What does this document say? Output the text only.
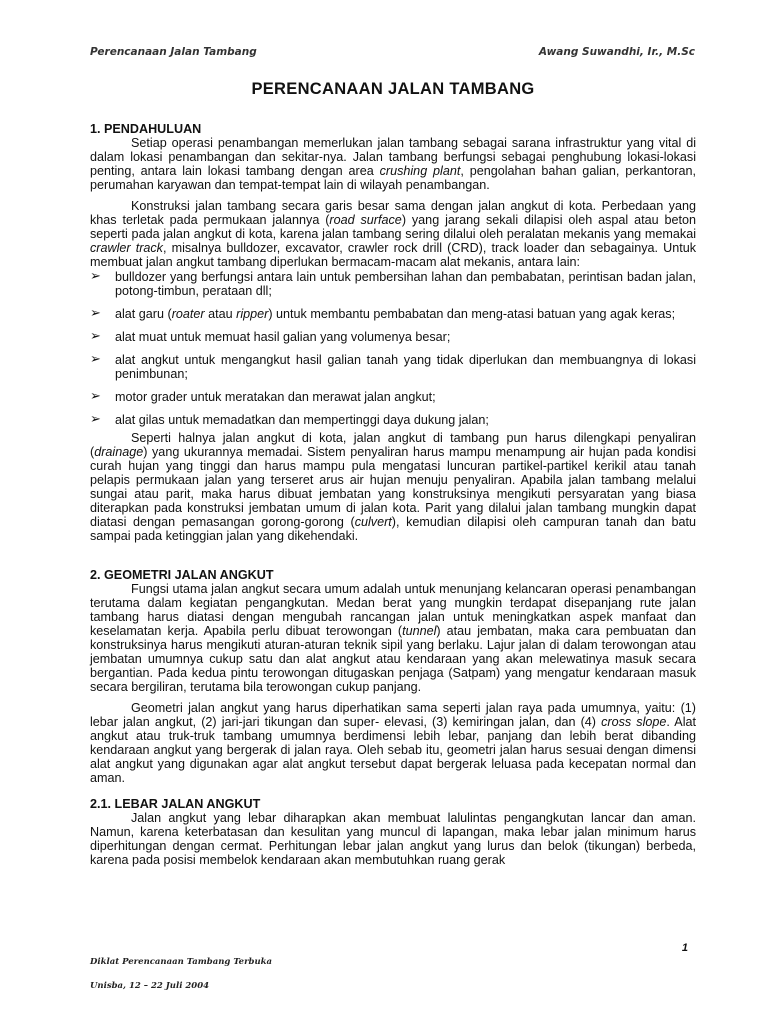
Perencanaan Jalan Tambang	Awang Suwandhi, Ir., M.Sc
PERENCANAAN JALAN TAMBANG
1. PENDAHULUAN

Setiap operasi penambangan memerlukan jalan tambang sebagai sarana infrastruktur yang vital di dalam lokasi penambangan dan sekitar-nya. Jalan tambang berfungsi sebagai penghubung lokasi-lokasi penting, antara lain lokasi tambang dengan area crushing plant, pengolahan bahan galian, perkantoran, perumahan karyawan dan tempat-tempat lain di wilayah penambangan.

Konstruksi jalan tambang secara garis besar sama dengan jalan angkut di kota. Perbedaan yang khas terletak pada permukaan jalannya (road surface) yang jarang sekali dilapisi oleh aspal atau beton seperti pada jalan angkut di kota, karena jalan tambang sering dilalui oleh peralatan mekanis yang memakai crawler track, misalnya bulldozer, excavator, crawler rock drill (CRD), track loader dan sebagainya. Untuk membuat jalan angkut tambang diperlukan bermacam-macam alat mekanis, antara lain:

➢ bulldozer yang berfungsi antara lain untuk pembersihan lahan dan pembabatan, perintisan badan jalan, potong-timbun, perataan dll;
➢ alat garu (roater atau ripper) untuk membantu pembabatan dan meng-atasi batuan yang agak keras;
➢ alat muat untuk memuat hasil galian yang volumenya besar;
➢ alat angkut untuk mengangkut hasil galian tanah yang tidak diperlukan dan membuangnya di lokasi penimbunan;
➢ motor grader untuk meratakan dan merawat jalan angkut;
➢ alat gilas untuk memadatkan dan mempertinggi daya dukung jalan;

Seperti halnya jalan angkut di kota, jalan angkut di tambang pun harus dilengkapi penyaliran (drainage) yang ukurannya memadai. Sistem penyaliran harus mampu menampung air hujan pada kondisi curah hujan yang tinggi dan harus mampu pula mengatasi luncuran partikel-partikel kerikil atau tanah pelapis permukaan jalan yang terseret arus air hujan menuju penyaliran. Apabila jalan tambang melalui sungai atau parit, maka harus dibuat jembatan yang konstruksinya mengikuti persyaratan yang biasa diterapkan pada konstruksi jembatan umum di jalan kota. Parit yang dilalui jalan tambang mungkin dapat diatasi dengan pemasangan gorong-gorong (culvert), kemudian dilapisi oleh campuran tanah dan batu sampai pada ketinggian jalan yang dikehendaki.

2. GEOMETRI JALAN ANGKUT

Fungsi utama jalan angkut secara umum adalah untuk menunjang kelancaran operasi penambangan terutama dalam kegiatan pengangkutan. Medan berat yang mungkin terdapat disepanjang rute jalan tambang harus diatasi dengan mengubah rancangan jalan untuk meningkatkan aspek manfaat dan keselamatan kerja. Apabila perlu dibuat terowongan (tunnel) atau jembatan, maka cara pembuatan dan konstruksinya harus mengikuti aturan-aturan teknik sipil yang berlaku. Lajur jalan di dalam terowongan atau jembatan umumnya cukup satu dan alat angkut atau kendaraan yang akan melewatinya masuk secara bergantian. Pada kedua pintu terowongan ditugaskan penjaga (Satpam) yang mengatur kendaraan masuk secara bergiliran, terutama bila terowongan cukup panjang.

Geometri jalan angkut yang harus diperhatikan sama seperti jalan raya pada umumnya, yaitu: (1) lebar jalan angkut, (2) jari-jari tikungan dan super- elevasi, (3) kemiringan jalan, dan (4) cross slope. Alat angkut atau truk-truk tambang umumnya berdimensi lebih lebar, panjang dan lebih berat dibanding kendaraan angkut yang bergerak di jalan raya. Oleh sebab itu, geometri jalan harus sesuai dengan dimensi alat angkut yang digunakan agar alat angkut tersebut dapat bergerak leluasa pada kecepatan normal dan aman.

2.1. LEBAR JALAN ANGKUT

Jalan angkut yang lebar diharapkan akan membuat lalulintas pengangkutan lancar dan aman. Namun, karena keterbatasan dan kesulitan yang muncul di lapangan, maka lebar jalan minimum harus diperhitungan dengan cermat. Perhitungan lebar jalan angkut yang lurus dan belok (tikungan) berbeda, karena pada posisi membelok kendaraan akan membutuhkan ruang gerak

1
Diklat Perencanaan Tambang Terbuka
Unisba, 12 – 22 Juli 2004
